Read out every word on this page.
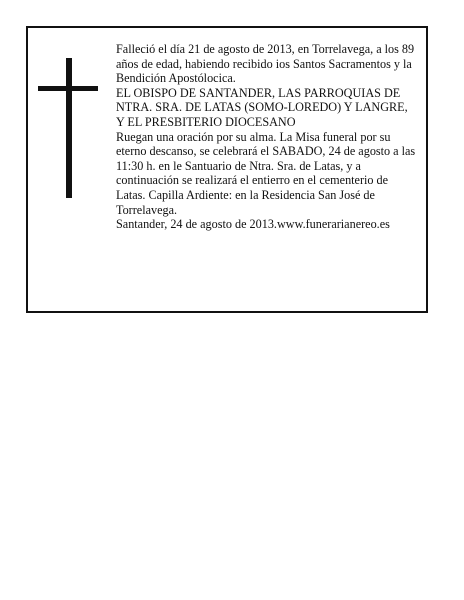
Falleció el día 21 de agosto de 2013, en Torrelavega, a los 89 años de edad, habiendo recibido ios Santos Sacramentos y la Bendición Apostólocica.

EL OBISPO DE SANTANDER, LAS PARROQUIAS DE NTRA. SRA. DE LATAS (SOMO-LOREDO) Y LANGRE, Y EL PRESBITERIO DIOCESANO

Ruegan una oración por su alma. La Misa funeral por su eterno descanso, se celebrará el SABADO, 24 de agosto a las 11:30 h. en le Santuario de Ntra. Sra. de Latas, y a continuación se realizará el entierro en el cementerio de Latas. Capilla Ardiente: en la Residencia San José de Torrelavega.

Santander, 24 de agosto de 2013.www.funerarianereo.es
